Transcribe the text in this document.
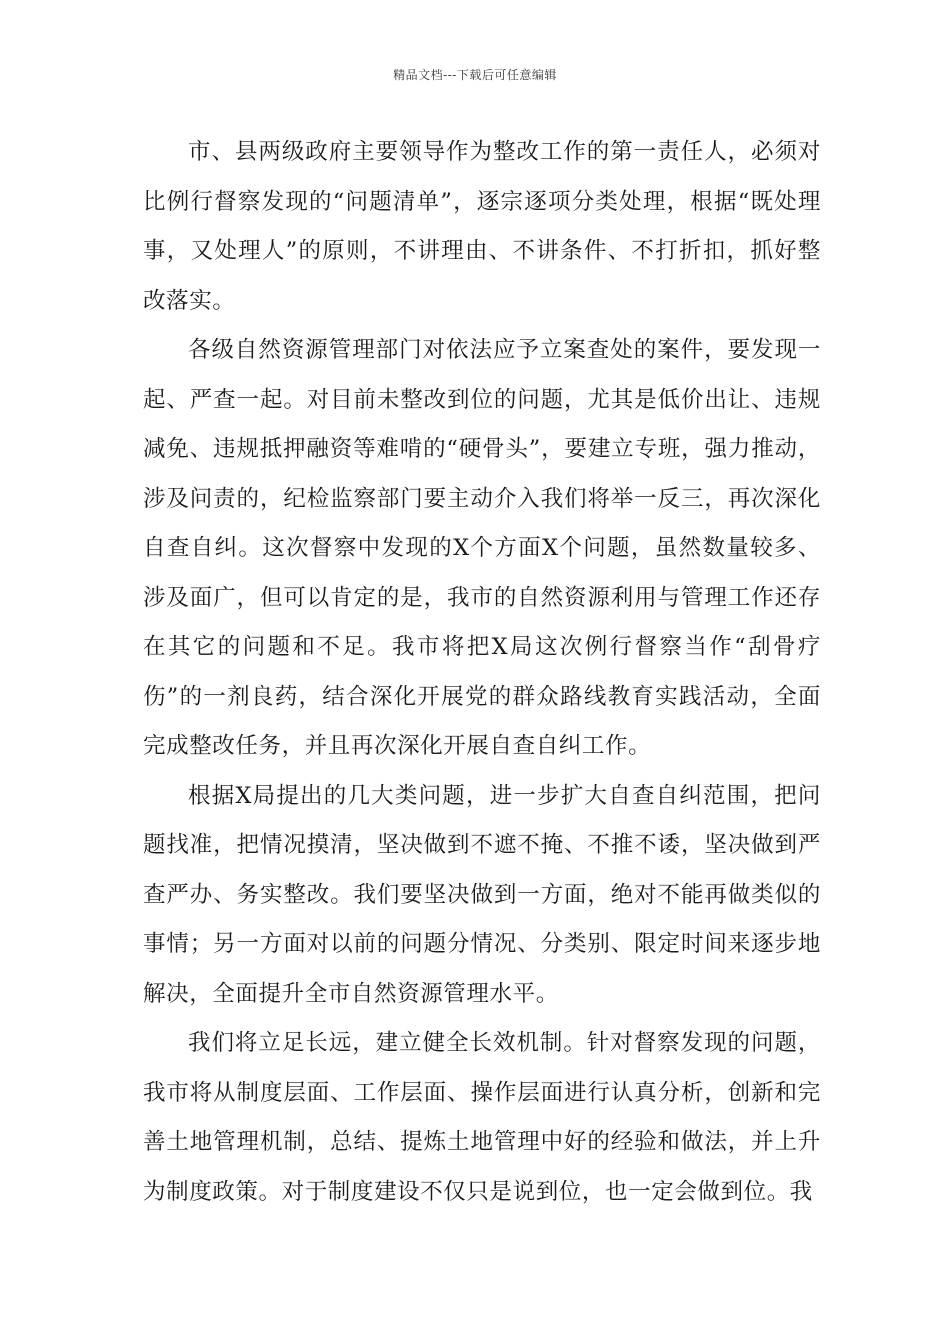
精品文档---下载后可任意编辑

市、县两级政府主要领导作为整改工作的第一责任人，必须对比例行督察发现的“问题清单”，逐宗逐项分类处理，根据“既处理事，又处理人”的原则，不讲理由、不讲条件、不打折扣，抓好整改落实。

各级自然资源管理部门对依法应予立案查处的案件，要发现一起、严查一起。对目前未整改到位的问题，尤其是低价出让、违规减免、违规抵押融资等难啃的“硬骨头”，要建立专班，强力推动，涉及问责的，纪检监察部门要主动介入我们将举一反三，再次深化自查自纠。这次督察中发现的X个方面X个问题，虽然数量较多、涉及面广，但可以肯定的是，我市的自然资源利用与管理工作还存在其它的问题和不足。我市将把X局这次例行督察当作“刮骨疗伤”的一剂良药，结合深化开展党的群众路线教育实践活动，全面完成整改任务，并且再次深化开展自查自纠工作。

根据X局提出的几大类问题，进一步扩大自查自纠范围，把问题找准，把情况摸清，坚决做到不遮不掩、不推不诿，坚决做到严查严办、务实整改。我们要坚决做到一方面，绝对不能再做类似的事情；另一方面对以前的问题分情况、分类别、限定时间来逐步地解决，全面提升全市自然资源管理水平。

我们将立足长远，建立健全长效机制。针对督察发现的问题，我市将从制度层面、工作层面、操作层面进行认真分析，创新和完善土地管理机制，总结、提炼土地管理中好的经验和做法，并上升为制度政策。对于制度建设不仅只是说到位，也一定会做到位。我
